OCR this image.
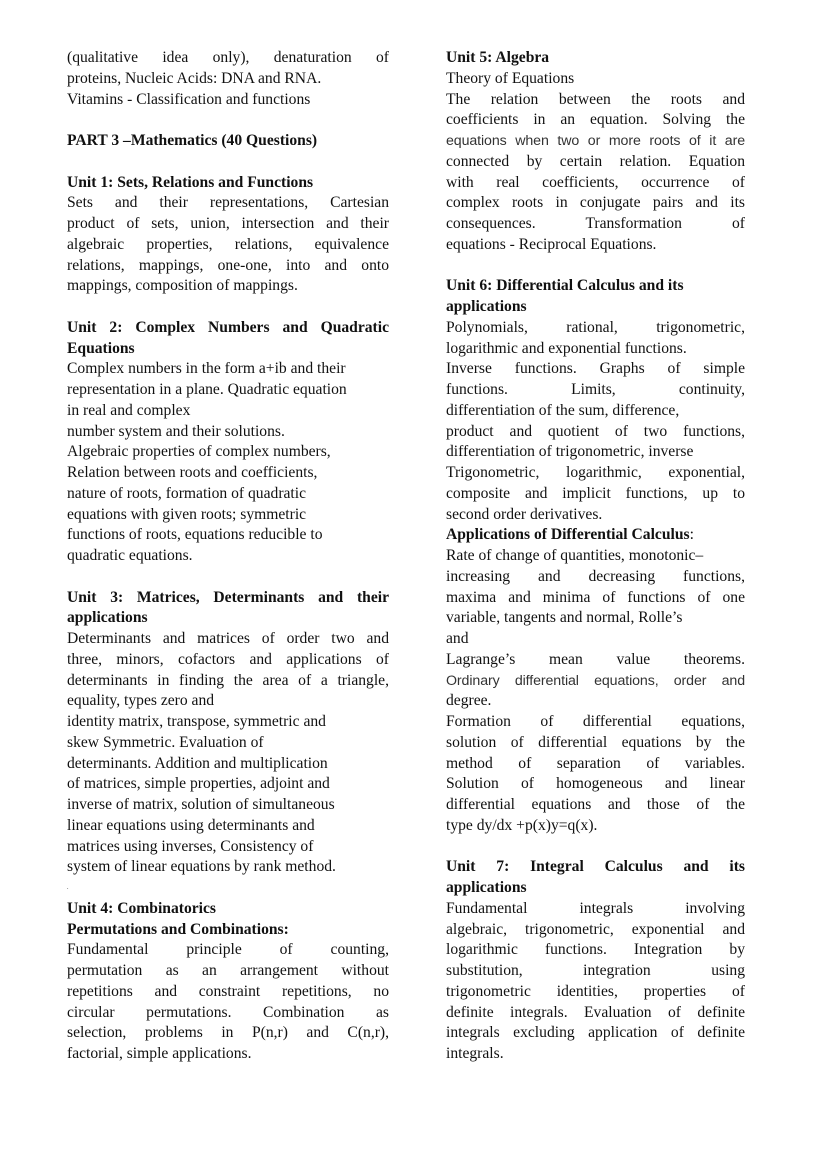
(qualitative idea only), denaturation of
proteins, Nucleic Acids: DNA and RNA.
Vitamins - Classification and functions
PART 3 –Mathematics (40 Questions)
Unit 1: Sets, Relations and Functions
Sets and their representations, Cartesian
product of sets, union, intersection and their
algebraic properties, relations, equivalence
relations, mappings, one-one, into and onto
mappings, composition of mappings.
Unit 2: Complex Numbers and Quadratic
Equations
Complex numbers in the form a+ib and their
representation in a plane. Quadratic equation
in real and complex
number system and their solutions.
Algebraic properties of complex numbers,
Relation between roots and coefficients,
nature of roots, formation of quadratic
equations with given roots; symmetric
functions of roots, equations reducible to
quadratic equations.
Unit 3: Matrices, Determinants and their
applications
Determinants and matrices of order two and
three, minors, cofactors and applications of
determinants in finding the area of a triangle,
equality, types zero and
identity matrix, transpose, symmetric and
skew Symmetric. Evaluation of
determinants. Addition and multiplication
of matrices, simple properties, adjoint and
inverse of matrix, solution of simultaneous
linear equations using determinants and
matrices using inverses, Consistency of
system of linear equations by rank method.
.
Unit 4: Combinatorics
Permutations and Combinations:
Fundamental principle of counting,
permutation as an arrangement without
repetitions and constraint repetitions, no
circular permutations. Combination as
selection, problems in P(n,r) and C(n,r),
factorial, simple applications.
Unit 5: Algebra
Theory of Equations
The relation between the roots and
coefficients in an equation. Solving the
equations when two or more roots of it are
connected by certain relation. Equation
with real coefficients, occurrence of
complex roots in conjugate pairs and its
consequences. Transformation of
equations - Reciprocal Equations.
Unit 6: Differential Calculus and its
applications
Polynomials, rational, trigonometric,
logarithmic and exponential functions.
Inverse functions. Graphs of simple
functions. Limits, continuity,
differentiation of the sum, difference,
product and quotient of two functions,
differentiation of trigonometric, inverse
Trigonometric, logarithmic, exponential,
composite and implicit functions, up to
second order derivatives.
Applications of Differential Calculus:
Rate of change of quantities, monotonic–
increasing and decreasing functions,
maxima and minima of functions of one
variable, tangents and normal, Rolle’s
and
Lagrange’s mean value theorems.
Ordinary differential equations, order and
degree.
Formation of differential equations,
solution of differential equations by the
method of separation of variables.
Solution of homogeneous and linear
differential equations and those of the
type dy/dx +p(x)y=q(x).
Unit 7: Integral Calculus and its
applications
Fundamental integrals involving
algebraic, trigonometric, exponential and
logarithmic functions. Integration by
substitution, integration using
trigonometric identities, properties of
definite integrals. Evaluation of definite
integrals excluding application of definite
integrals.
